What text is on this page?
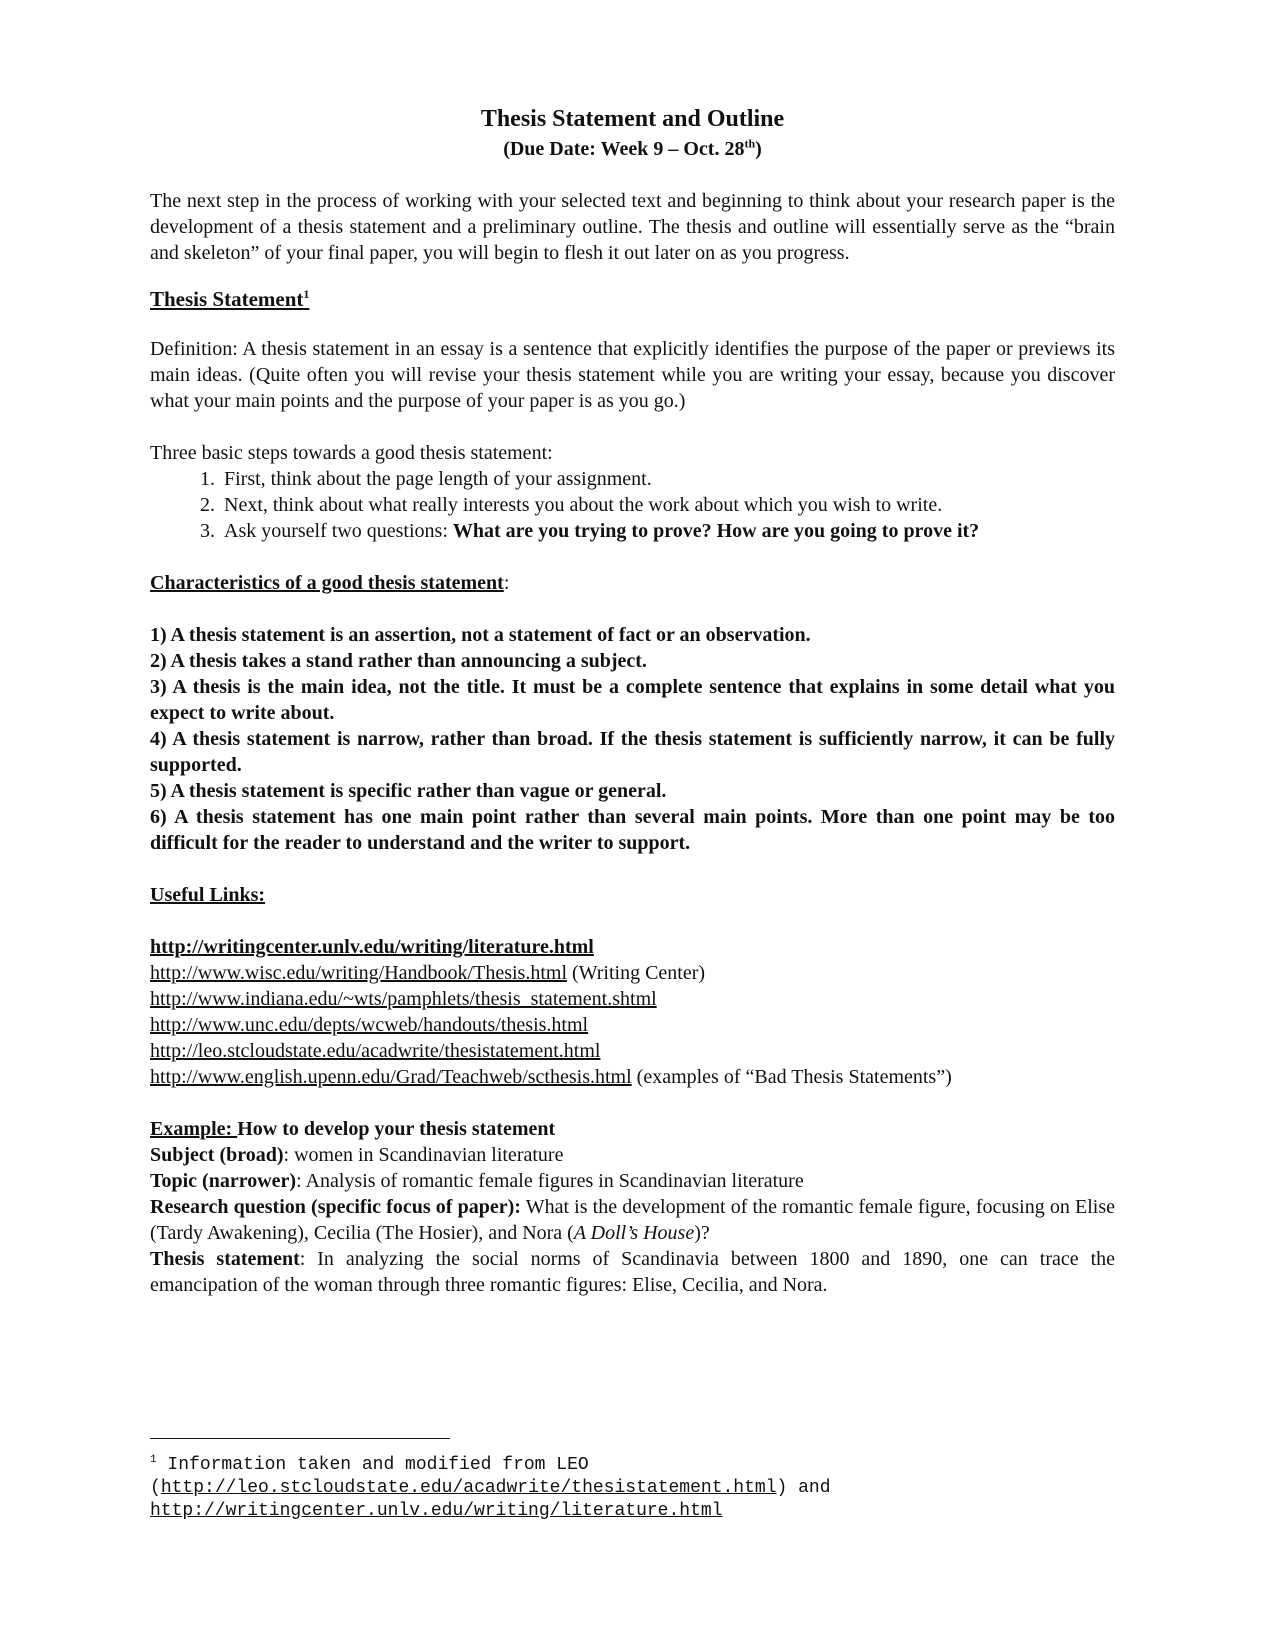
Thesis Statement and Outline

(Due Date: Week 9 – Oct. 28th)

The next step in the process of working with your selected text and beginning to think about your research paper is the development of a thesis statement and a preliminary outline. The thesis and outline will essentially serve as the “brain and skeleton” of your final paper, you will begin to flesh it out later on as you progress.

Thesis Statement$^1$

Definition: A thesis statement in an essay is a sentence that explicitly identifies the purpose of the paper or previews its main ideas. (Quite often you will revise your thesis statement while you are writing your essay, because you discover what your main points and the purpose of your paper is as you go.)

Three basic steps towards a good thesis statement:

1. First, think about the page length of your assignment.
2. Next, think about what really interests you about the work about which you wish to write.
3. Ask yourself two questions: What are you trying to prove? How are you going to prove it?

Characteristics of a good thesis statement:

1) A thesis statement is an assertion, not a statement of fact or an observation.

2) A thesis takes a stand rather than announcing a subject.

3) A thesis is the main idea, not the title. It must be a complete sentence that explains in some detail what you expect to write about.

4) A thesis statement is narrow, rather than broad. If the thesis statement is sufficiently narrow, it can be fully supported.

5) A thesis statement is specific rather than vague or general.

6) A thesis statement has one main point rather than several main points. More than one point may be too difficult for the reader to understand and the writer to support.

Useful Links:

http://writingcenter.unlv.edu/writing/literature.html

http://www.wisc.edu/writing/Handbook/Thesis.html (Writing Center)

http://www.indiana.edu/~wts/pamphlets/thesis_statement.shtml

http://www.unc.edu/depts/wcweb/handouts/thesis.html

http://leo.stcloudstate.edu/acadwrite/thesistatement.html

http://www.english.upenn.edu/Grad/Teachweb/scthesis.html (examples of “Bad Thesis Statements”)

Example: How to develop your thesis statement

Subject (broad): women in Scandinavian literature

Topic (narrower): Analysis of romantic female figures in Scandinavian literature

Research question (specific focus of paper): What is the development of the romantic female figure, focusing on Elise (Tardy Awakening), Cecilia (The Hosier), and Nora (A Doll’s House)?

Thesis statement: In analyzing the social norms of Scandinavia between 1800 and 1890, one can trace the emancipation of the woman through three romantic figures: Elise, Cecilia, and Nora.

$^1$ Information taken and modified from LEO

(http://leo.stcloudstate.edu/acadwrite/thesistatement.html) and

http://writingcenter.unlv.edu/writing/literature.html
